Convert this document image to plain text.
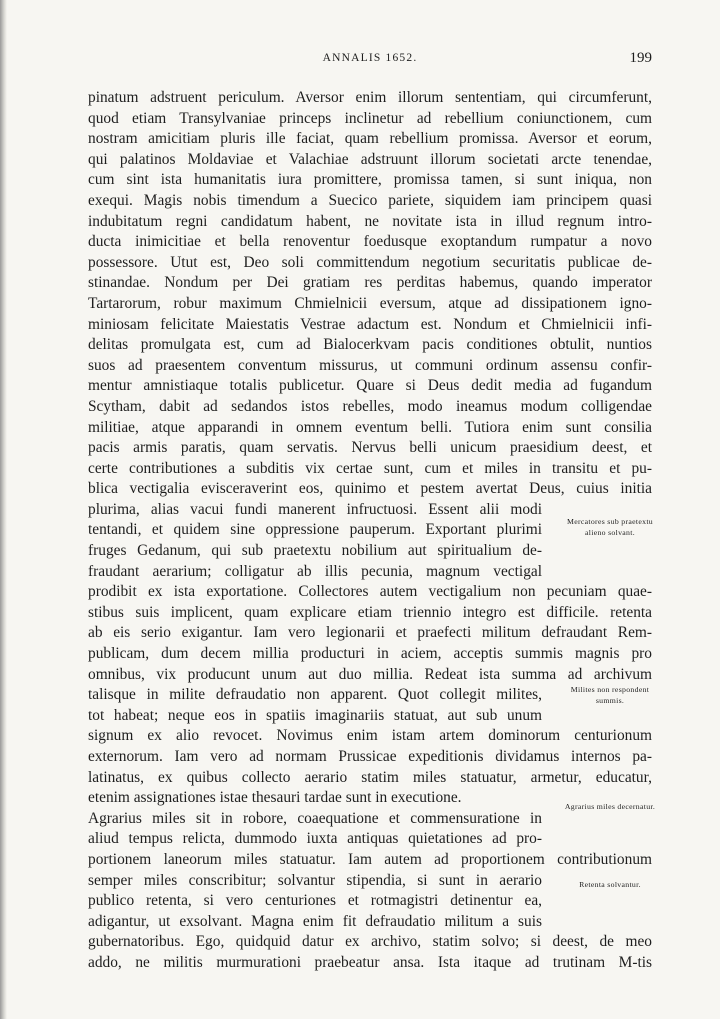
ANNALIS 1652.	199
pinatum adstruent periculum. Aversor enim illorum sententiam, qui circumferunt,
quod etiam Transylvaniae princeps inclinetur ad rebellium coniunctionem, cum
nostram amicitiam pluris ille faciat, quam rebellium promissa. Aversor et eorum,
qui palatinos Moldaviae et Valachiae adstruunt illorum societati arcte tenendae,
cum sint ista humanitatis iura promittere, promissa tamen, si sunt iniqua, non
exequi. Magis nobis timendum a Suecico pariete, siquidem iam principem quasi
indubitatum regni candidatum habent, ne novitate ista in illud regnum intro-
ducta inimicitiae et bella renoventur foedusque exoptandum rumpatur a novo
possessore. Utut est, Deo soli committendum negotium securitatis publicae de-
stinandae. Nondum per Dei gratiam res perditas habemus, quando imperator
Tartarorum, robur maximum Chmielnicii eversum, atque ad dissipationem igno-
miniosam felicitate Maiestatis Vestrae adactum est. Nondum et Chmielnicii infi-
delitas promulgata est, cum ad Bialocerkvam pacis conditiones obtulit, nuntios
suos ad praesentem conventum missurus, ut communi ordinum assensu confir-
mentur amnistiaque totalis publicetur. Quare si Deus dedit media ad fugandum
Scytham, dabit ad sedandos istos rebelles, modo ineamus modum colligendae
militiae, atque apparandi in omnem eventum belli. Tutiora enim sunt consilia
pacis armis paratis, quam servatis. Nervus belli unicum praesidium deest, et
certe contributiones a subditis vix certae sunt, cum et miles in transitu et pu-
blica vectigalia evisceraverint eos, quinimo et pestem avertat Deus, cuius initia
plurima, alias vacui fundi manerent infructuosi. Essent alii modi
tentandi, et quidem sine oppressione pauperum. Exportant plurimi
fruges Gedanum, qui sub praetextu nobilium aut spiritualium de-
fraudant aerarium; colligatur ab illis pecunia, magnum vectigal
prodibit ex ista exportatione. Collectores autem vectigalium non pecuniam quae-
stibus suis implicent, quam explicare etiam triennio integro est difficile. retenta
ab eis serio exigantur. Iam vero legionarii et praefecti militum defraudant Rem-
publicam, dum decem millia producturi in aciem, acceptis summis magnis pro
omnibus, vix producunt unum aut duo millia. Redeat ista summa ad archivum
talisque in milite defraudatio non apparent. Quot collegit milites,
tot habeat; neque eos in spatiis imaginariis statuat, aut sub unum
signum ex alio revocet. Novimus enim istam artem dominorum centurionum
externorum. Iam vero ad normam Prussicae expeditionis dividamus internos pa-
latinatus, ex quibus collecto aerario statim miles statuatur, armetur, educatur,
etenim assignationes istae thesauri tardae sunt in executione.
Agrarius miles sit in robore, coaequatione et commensuratione in
aliud tempus relicta, dummodo iuxta antiquas quietationes ad pro-
portionem laneorum miles statuatur. Iam autem ad proportionem contributionum
semper miles conscribitur; solvantur stipendia, si sunt in aerario
publico retenta, si vero centuriones et rotmagistri detinentur ea,
adigantur, ut exsolvant. Magna enim fit defraudatio militum a suis
gubernatoribus. Ego, quidquid datur ex archivo, statim solvo; si deest, de meo
addo, ne militis murmurationi praebeatur ansa. Ista itaque ad trutinam M-tis
Mercatores sub praetextu alieno solvant.
Milites non respondent summis.
Agrarius miles decernatur.
Retenta solvantur.
